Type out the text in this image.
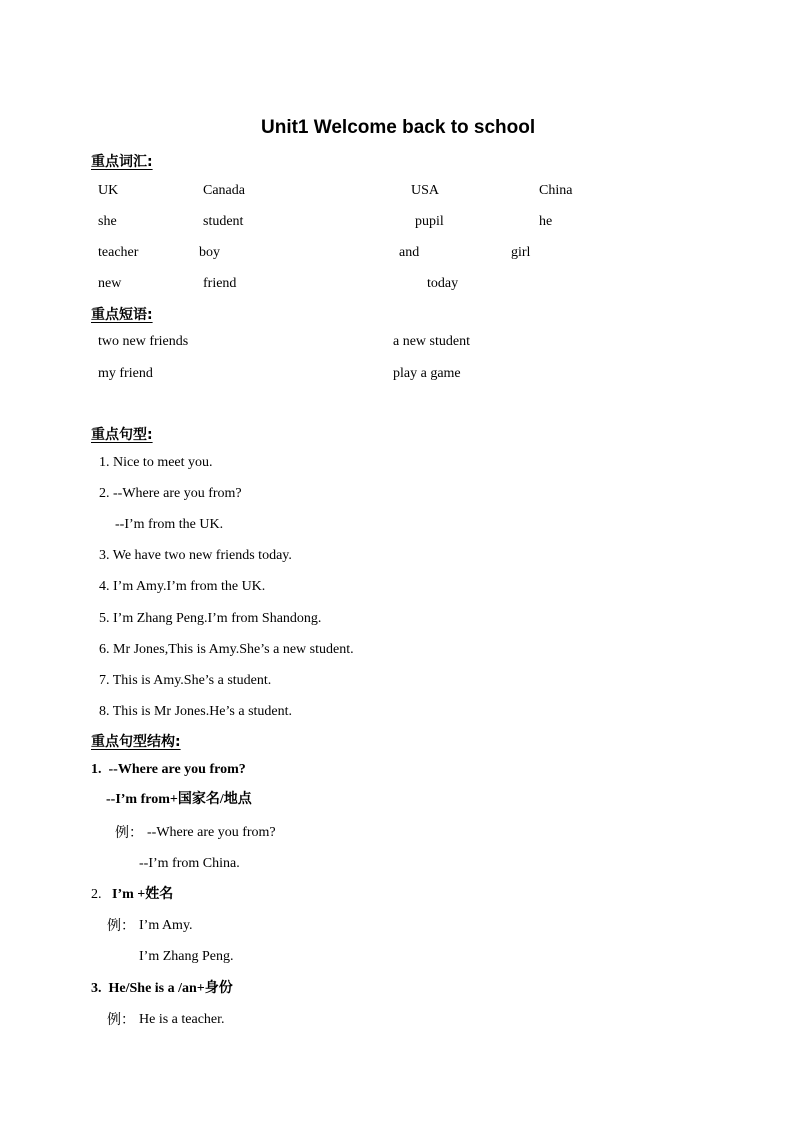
Unit1 Welcome back to school
重点词汇:
UK	Canada	USA	China
she	student	pupil	he
teacher	boy	and	girl
new	friend	today
重点短语:
two new friends	a new student
my friend	play a game
重点句型:
1. Nice to meet you.
2. --Where are you from?
--I’m from the UK.
3. We have two new friends today.
4. I’m Amy.I’m from the UK.
5. I’m Zhang Peng.I’m from Shandong.
6. Mr Jones,This is Amy.She’s a new student.
7. This is Amy.She’s a student.
8. This is Mr Jones.He’s a student.
重点句型结构:
1.  --Where are you from?
--I’m from+国家名/地点
例： --Where are you from?
--I’m from China.
2. I’m +姓名
例： I’m Amy.
I’m Zhang Peng.
3.  He/She is a /an+身份
例： He is a teacher.
